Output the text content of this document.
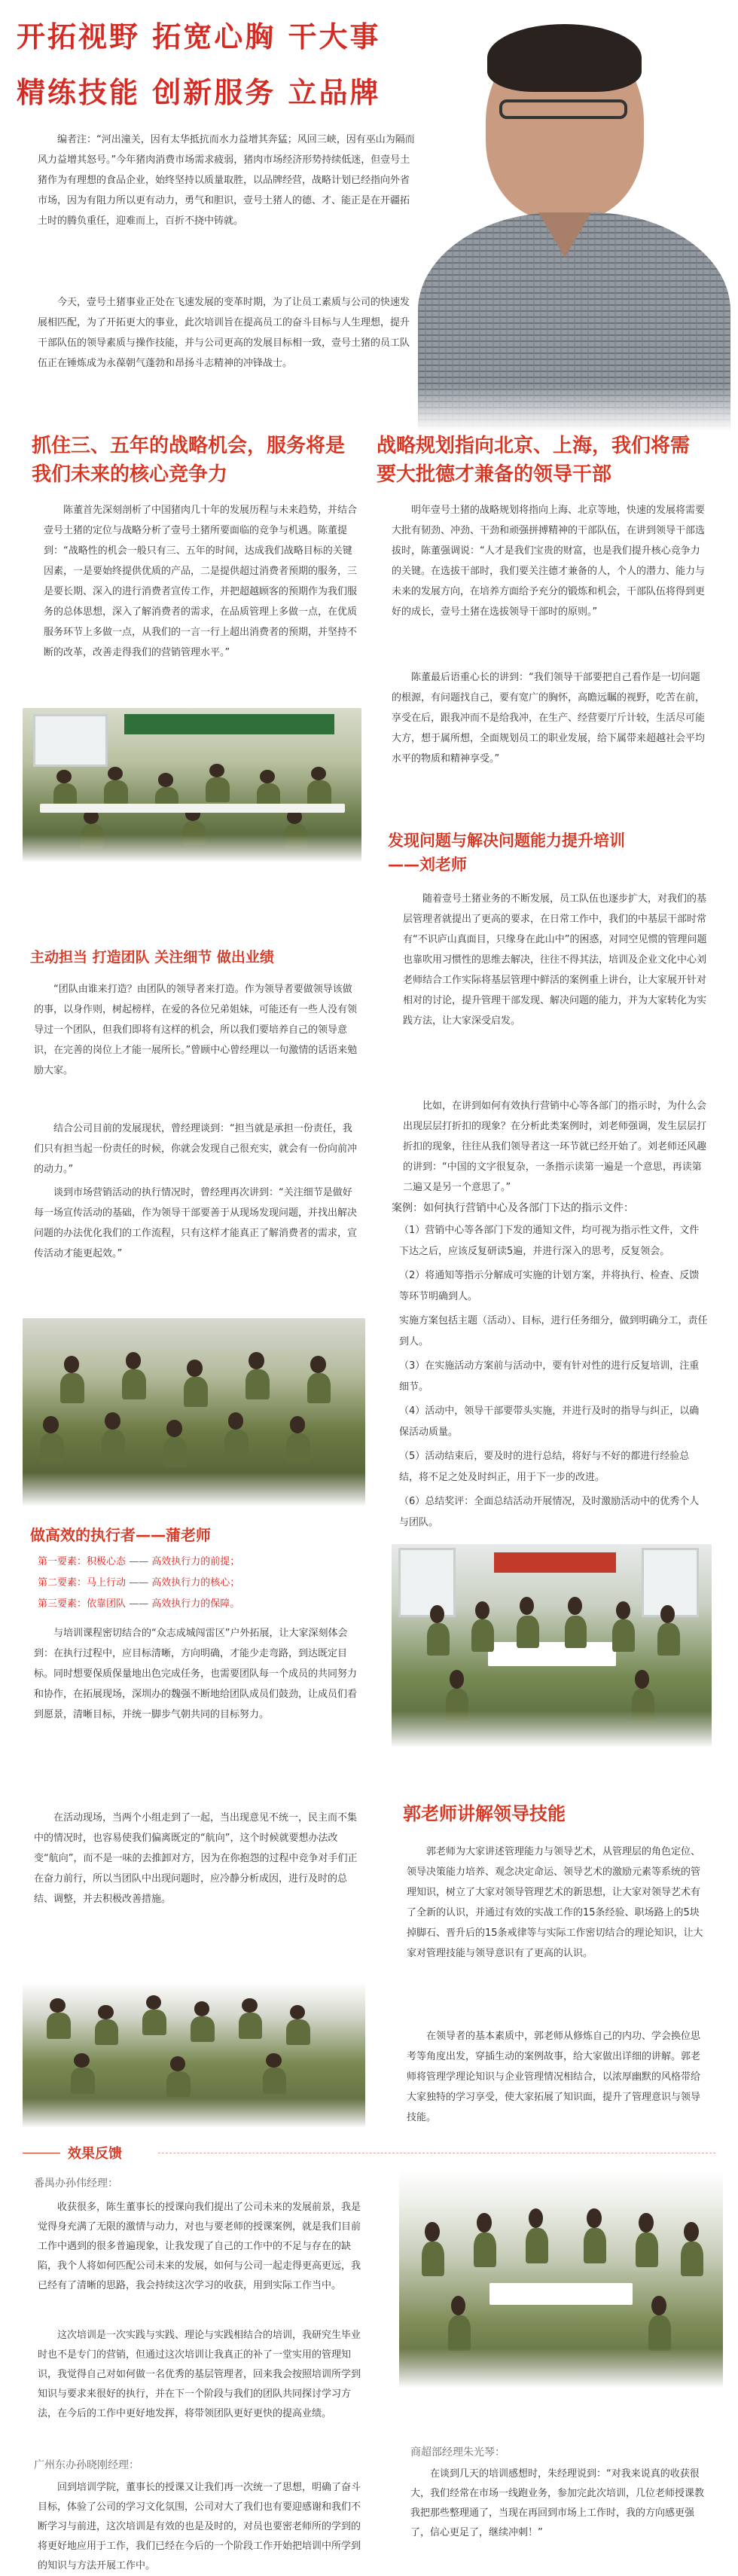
开拓视野 拓宽心胸 干大事
精练技能 创新服务 立品牌
编者注：“河出潼关，因有太华抵抗而水力益增其奔猛；风回三峡，因有巫山为隔而风力益增其怒号。”今年猪肉消费市场需求疲弱，猪肉市场经济形势持续低迷，但壹号土猪作为有理想的食品企业，始终坚持以质量取胜，以品牌经营，战略计划已经指向外省市场，因为有阻力所以更有动力，勇气和胆识，壹号土猪人的德、才、能正是在开疆拓土时的腾负重任，迎难而上，百折不挠中铸就。
今天，壹号土猪事业正处在飞速发展的变革时期，为了让员工素质与公司的快速发展相匹配，为了开拓更大的事业，此次培训旨在提高员工的奋斗目标与人生理想，提升干部队伍的领导素质与操作技能，并与公司更高的发展目标相一致，壹号土猪的员工队伍正在锤炼成为永葆朝气蓬勃和昂扬斗志精神的冲锋战士。
抓住三、五年的战略机会，服务将是我们未来的核心竞争力
陈董首先深刻剖析了中国猪肉几十年的发展历程与未来趋势，并结合壹号土猪的定位与战略分析了壹号土猪所要面临的竞争与机遇。陈董提到：“战略性的机会一般只有三、五年的时间，达成我们战略目标的关键因素，一是要始终提供优质的产品，二是提供超过消费者预期的服务，三是要长期、深入的进行消费者宣传工作，并把超越顾客的预期作为我们服务的总体思想，深入了解消费者的需求，在品质管理上多做一点，在优质服务环节上多做一点，从我们的一言一行上超出消费者的预期，并坚持不断的改革，改善走得我们的营销管理水平。”
战略规划指向北京、上海，我们将需要大批德才兼备的领导干部
明年壹号土猪的战略规划将指向上海、北京等地，快速的发展将需要大批有韧劲、冲劲、干劲和顽强拼搏精神的干部队伍，在讲到领导干部选拔时，陈董强调说：“人才是我们宝贵的财富，也是我们提升核心竞争力的关键。在选拔干部时，我们要关注德才兼备的人，个人的潜力、能力与未来的发展方向，在培养方面给予充分的锻炼和机会，干部队伍将得到更好的成长，壹号土猪在选拔领导干部时的原则。”
陈董最后语重心长的讲到：“我们领导干部要把自己看作是一切问题的根源，有问题找自己，要有宽广的胸怀，高瞻远瞩的视野，吃苦在前，享受在后，跟我冲而不是给我冲，在生产、经营要厅斤计较，生活尽可能大方，想于属所想，全面规划员工的职业发展，给下属带来超越社会平均水平的物质和精神享受。”
发现问题与解决问题能力提升培训
——刘老师
随着壹号土猪业务的不断发展，员工队伍也逐步扩大，对我们的基层管理者就提出了更高的要求，在日常工作中，我们的中基层干部时常有“不识庐山真面目，只缘身在此山中”的困惑，对同空见惯的管理问题也靠吹用习惯性的思维去解决，往往不得其法，培训及企业文化中心刘老师结合工作实际将基层管理中鲜活的案例重上讲台，让大家展开针对相对的讨论，提升管理干部发现、解决问题的能力，并为大家转化为实践方法，让大家深受启发。
比如，在讲到如何有效执行营销中心等各部门的指示时，为什么会出现层层打折扣的现象？在分析此类案例时，刘老师强调，发生层层打折扣的现象，往往从我们领导者这一环节就已经开始了。刘老师还风趣的讲到：“中国的文字很复杂，一条指示读第一遍是一个意思，再读第二遍又是另一个意思了。”
案例：如何执行营销中心及各部门下达的指示文件：
（1）营销中心等各部门下发的通知文件，均可视为指示性文件，文件下达之后，应该反复研读5遍，并进行深入的思考，反复领会。
（2）将通知等指示分解成可实施的计划方案，并将执行、检查、反馈等环节明确到人。
实施方案包括主题（活动）、目标，进行任务细分，做到明确分工，责任到人。
（3）在实施活动方案前与活动中，要有针对性的进行反复培训，注重细节。
（4）活动中，领导干部要带头实施，并进行及时的指导与纠正，以确保活动质量。
（5）活动结束后，要及时的进行总结，将好与不好的都进行经验总结，将不足之处及时纠正，用于下一步的改进。
（6）总结奖评：全面总结活动开展情况，及时激励活动中的优秀个人与团队。
主动担当 打造团队 关注细节 做出业绩
“团队由谁来打造？由团队的领导者来打造。作为领导者要做领导该做的事，以身作则，树起榜样，在爱的各位兄弟姐妹，可能还有一些人没有领导过一个团队，但我们即将有这样的机会，所以我们要培养自己的领导意识，在完善的岗位上才能一展所长。”曾顾中心曾经理以一句激情的话语来勉励大家。
结合公司目前的发展现状，曾经理谈到：“担当就是承担一份责任，我们只有担当起一份责任的时候，你就会发现自己很充实，就会有一份向前冲的动力。”
谈到市场营销活动的执行情况时，曾经理再次讲到：“关注细节是做好每一场宣传活动的基础，作为领导干部要善于从现场发现问题，并找出解决问题的办法优化我们的工作流程，只有这样才能真正了解消费者的需求，宣传活动才能更起效。”
做高效的执行者——蒲老师
第一要素：积极心态 —— 高效执行力的前提；
第二要素：马上行动 —— 高效执行力的核心；
第三要素：依靠团队 —— 高效执行力的保障。
与培训课程密切结合的“众志成城闯雷区”户外拓展，让大家深刻体会到：在执行过程中，应目标清晰，方向明确，才能少走弯路，到达既定目标。同时想要保质保量地出色完成任务，也需要团队每一个成员的共同努力和协作，在拓展现场，深圳办的魏强不断地给团队成员们鼓劲，让成员们看到愿景，清晰目标，并统一脚步气朝共同的目标努力。
在活动现场，当两个小组走到了一起，当出现意见不统一，民主而不集中的情况时，也容易使我们偏离既定的“航向”，这个时候就要想办法改变“航向”，而不是一味的去推卸对方，因为在你抱怨的过程中竞争对手们正在奋力前行，所以当团队中出现问题时，应冷静分析成因，进行及时的总结、调整，并去积极改善措施。
郭老师讲解领导技能
郭老师为大家讲述管理能力与领导艺术，从管理层的角色定位、领导决策能力培养、观念决定命运、领导艺术的激励元素等系统的管理知识，树立了大家对领导管理艺术的新思想，让大家对领导艺术有了全新的认识，并通过有效的实战工作的15条经验、职场路上的5块掉脚石、晋升后的15条戒律等与实际工作密切结合的理论知识，让大家对管理技能与领导意识有了更高的认识。
在领导者的基本素质中，郭老师从修炼自己的内功、学会换位思考等角度出发，穿插生动的案例故事，给大家做出详细的讲解。郭老师将管理学理论知识与企业管理情况相结合，以浓厚幽默的风格带给大家独特的学习享受，使大家拓展了知识面，提升了管理意识与领导技能。
效果反馈
番禺办孙伟经理：
收获很多，陈生董事长的授课向我们提出了公司未来的发展前景，我是觉得身充满了无限的激情与动力，对也与要老师的授课案例，就是我们目前工作中遇到的很多普遍现象，让我发现了自己的工作中的不足与存在的缺陷，我个人将如何匹配公司未来的发展，如何与公司一起走得更高更远，我已经有了清晰的思路，我会持续这次学习的收获，用到实际工作当中。
这次培训是一次实践与实践、理论与实践相结合的培训，我研究生毕业时也不是专门的营销，但通过这次培训让我真正的补了一堂实用的管理知识，我觉得自己对如何做一名优秀的基层管理者，回来我会按照培训所学到知识与要求来很好的执行，并在下一个阶段与我们的团队共同探讨学习方法，在今后的工作中更好地发挥，将带领团队更好更快的提高业绩。
广州东办孙晓刚经理：
回到培训学院，董事长的授课又让我们再一次统一了思想，明确了奋斗目标，体验了公司的学习文化氛围，公司对大了我们也有要迎感谢和我们不断学习与前进，这次培训是有效的也是及时的，对员也要密老师所的学到的将更好地应用于工作，我们已经在今后的一个阶段工作开始把培训中所学到的知识与方法开展工作中。
商超部经理朱光琴：
在谈到几天的培训感想时，朱经理说到：“对我来说真的收获很大，我们经常在市场一线跑业务，参加完此次培训，几位老师授课教我把那些整理通了，当现在再回到市场上工作时，我的方向感更强了，信心更足了，继续冲刺！”
